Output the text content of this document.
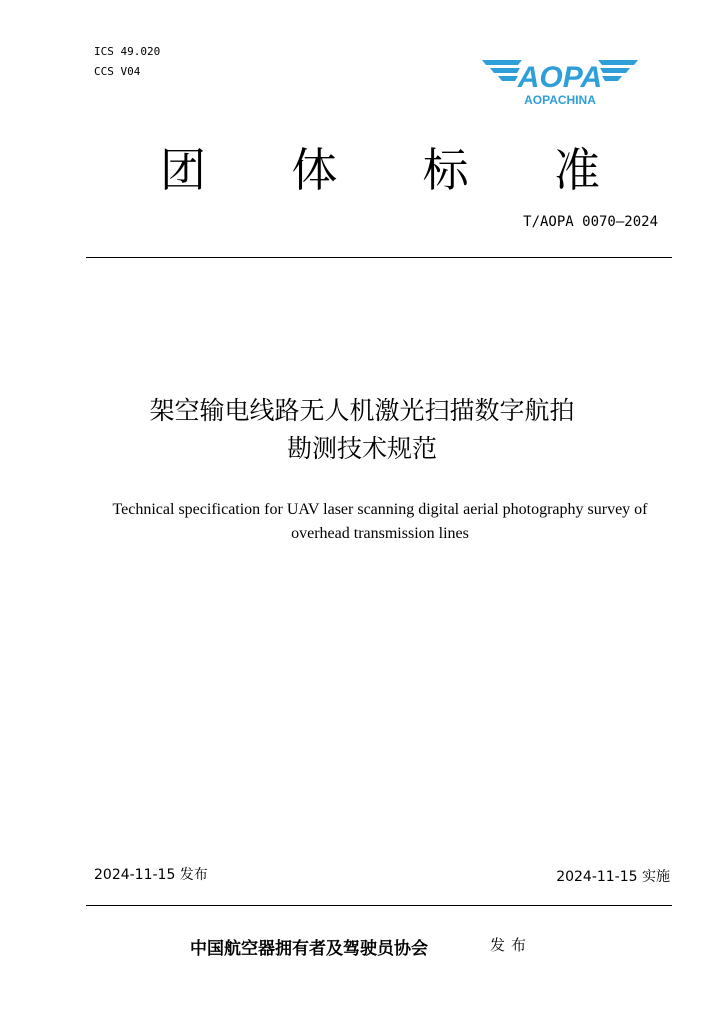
ICS 49.020
CCS V04	AOPA
AOPACHINA
团 体 标 准
T/AOPA 0070—2024
架空输电线路无人机激光扫描数字航拍
勘测技术规范
Technical specification for UAV laser scanning digital aerial photography survey of
overhead transmission lines
2024-11-15 发布	2024-11-15 实施
中国航空器拥有者及驾驶员协会	发布
